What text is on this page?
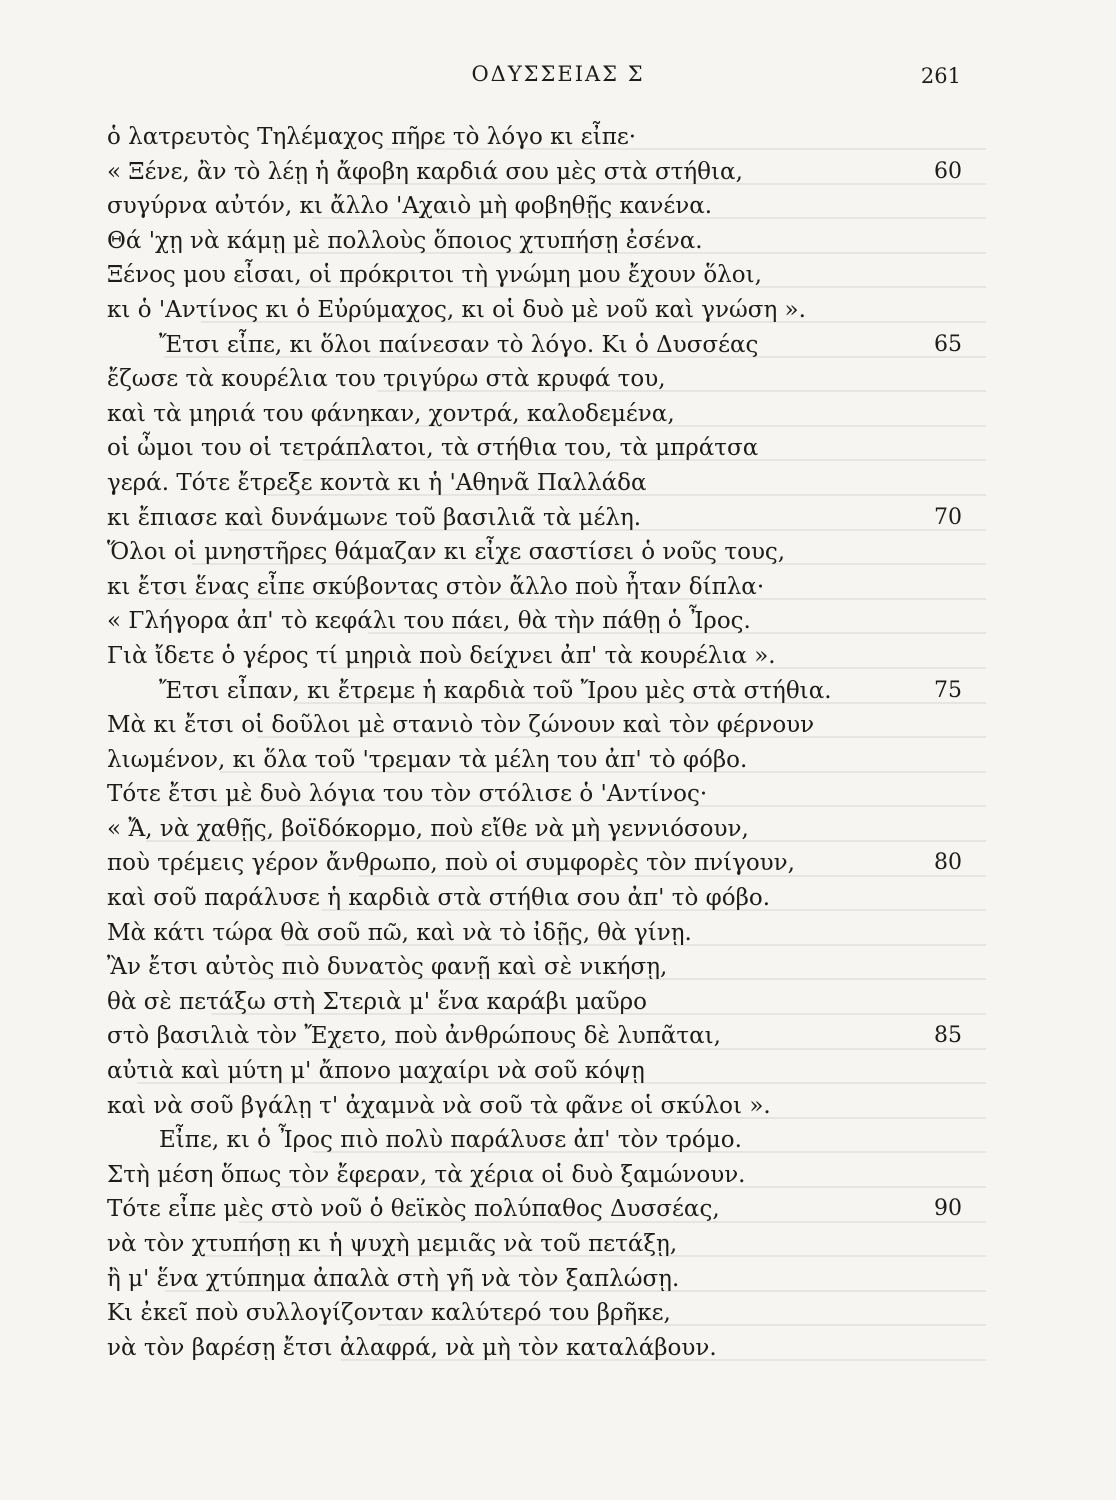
ΟΔΥΣΣΕΙΑΣ Σ	261
ὁ λατρευτὸς Τηλέμαχος πῆρε τὸ λόγο κι εἶπε·
« Ξένε, ἂν τὸ λέῃ ἡ ἄφοβη καρδιά σου μὲς στὰ στήθια,	60
συγύρνα αὐτόν, κι ἄλλο 'Αχαιὸ μὴ φοβηθῇς κανένα.
Θά 'χῃ νὰ κάμῃ μὲ πολλοὺς ὅποιος χτυπήσῃ ἐσένα.
Ξένος μου εἶσαι, οἱ πρόκριτοι τὴ γνώμη μου ἔχουν ὅλοι,
κι ὁ 'Αντίνος κι ὁ Εὐρύμαχος, κι οἱ δυὸ μὲ νοῦ καὶ γνώση ».
Ἔτσι εἶπε, κι ὅλοι παίνεσαν τὸ λόγο. Κι ὁ Δυσσέας	65
ἔζωσε τὰ κουρέλια του τριγύρω στὰ κρυφά του,
καὶ τὰ μηριά του φάνηκαν, χοντρά, καλοδεμένα,
οἱ ὦμοι του οἱ τετράπλατοι, τὰ στήθια του, τὰ μπράτσα
γερά. Τότε ἔτρεξε κοντὰ κι ἡ 'Αθηνᾶ Παλλάδα
κι ἔπιασε καὶ δυνάμωνε τοῦ βασιλιᾶ τὰ μέλη.	70
Ὅλοι οἱ μνηστῆρες θάμαζαν κι εἶχε σαστίσει ὁ νοῦς τους,
κι ἔτσι ἕνας εἶπε σκύβοντας στὸν ἄλλο ποὺ ἦταν δίπλα·
« Γλήγορα ἀπ' τὸ κεφάλι του πάει, θὰ τὴν πάθῃ ὁ Ἶρος.
Γιὰ ἴδετε ὁ γέρος τί μηριὰ ποὺ δείχνει ἀπ' τὰ κουρέλια ».
Ἔτσι εἶπαν, κι ἔτρεμε ἡ καρδιὰ τοῦ Ἴρου μὲς στὰ στήθια.	75
Μὰ κι ἔτσι οἱ δοῦλοι μὲ στανιὸ τὸν ζώνουν καὶ τὸν φέρνουν
λιωμένον, κι ὅλα τοῦ 'τρεμαν τὰ μέλη του ἀπ' τὸ φόβο.
Τότε ἔτσι μὲ δυὸ λόγια του τὸν στόλισε ὁ 'Αντίνος·
« Ἄ, νὰ χαθῇς, βοϊδόκορμο, ποὺ εἴθε νὰ μὴ γεννιόσουν,
ποὺ τρέμεις γέρον ἄνθρωπο, ποὺ οἱ συμφορὲς τὸν πνίγουν,	80
καὶ σοῦ παράλυσε ἡ καρδιὰ στὰ στήθια σου ἀπ' τὸ φόβο.
Μὰ κάτι τώρα θὰ σοῦ πῶ, καὶ νὰ τὸ ἰδῇς, θὰ γίνῃ.
Ἂν ἔτσι αὐτὸς πιὸ δυνατὸς φανῇ καὶ σὲ νικήσῃ,
θὰ σὲ πετάξω στὴ Στεριὰ μ' ἕνα καράβι μαῦρο
στὸ βασιλιὰ τὸν Ἔχετο, ποὺ ἀνθρώπους δὲ λυπᾶται,	85
αὐτιὰ καὶ μύτη μ' ἄπονο μαχαίρι νὰ σοῦ κόψῃ
καὶ νὰ σοῦ βγάλῃ τ' ἀχαμνὰ νὰ σοῦ τὰ φᾶνε οἱ σκύλοι ».
Εἶπε, κι ὁ Ἶρος πιὸ πολὺ παράλυσε ἀπ' τὸν τρόμο.
Στὴ μέση ὅπως τὸν ἔφεραν, τὰ χέρια οἱ δυὸ ξαμώνουν.
Τότε εἶπε μὲς στὸ νοῦ ὁ θεϊκὸς πολύπαθος Δυσσέας,	90
νὰ τὸν χτυπήσῃ κι ἡ ψυχὴ μεμιᾶς νὰ τοῦ πετάξῃ,
ἢ μ' ἕνα χτύπημα ἀπαλὰ στὴ γῆ νὰ τὸν ξαπλώσῃ.
Κι ἐκεῖ ποὺ συλλογίζονταν καλύτερό του βρῆκε,
νὰ τὸν βαρέσῃ ἔτσι ἀλαφρά, νὰ μὴ τὸν καταλάβουν.
